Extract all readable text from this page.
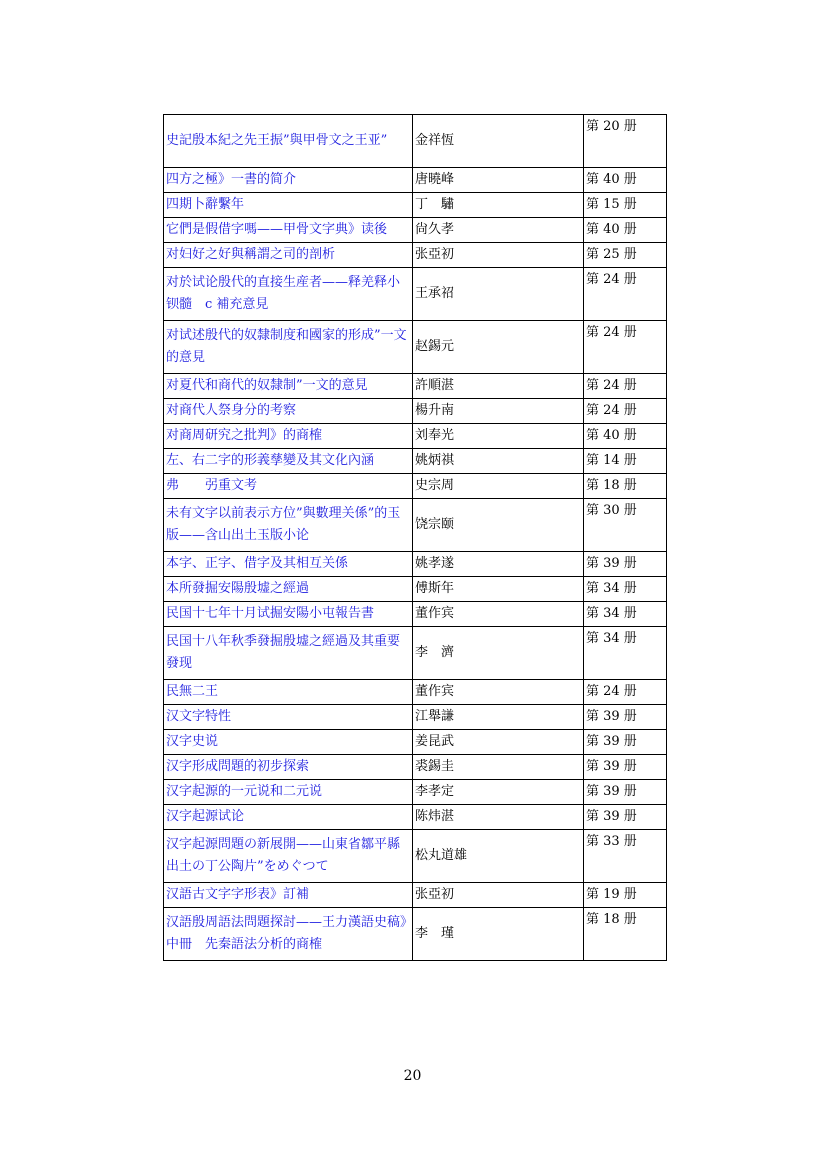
史記殷本紀之先王振”與甲骨文之王亚”	金祥恆	第 20 册
四方之極》一書的简介	唐曉峰	第 40 册
四期卜辭繫年	丁　驌	第 15 册
它們是假借字嗎——甲骨文字典》读後	尙久孝	第 40 册
对妇好之好與稱謂之司的剖析	张亞初	第 25 册
对於试论殷代的直接生産者——释羌释小钡髓　c 補充意見	王承祒	第 24 册
对试述殷代的奴隸制度和國家的形成”一文的意見	赵錫元	第 24 册
对夏代和商代的奴隸制”一文的意見	許順湛	第 24 册
对商代人祭身分的考察	楊升南	第 24 册
对商周研究之批判》的商榷	刘奉光	第 40 册
左、右二字的形義孳變及其文化內涵	姚炳祺	第 14 册
弗　　弜重文考	史宗周	第 18 册
未有文字以前表示方位”與數理关係”的玉版——含山出土玉版小论	饶宗颐	第 30 册
本字、正字、借字及其相互关係	姚孝遂	第 39 册
本所發掘安陽殷墟之經過	傅斯年	第 34 册
民国十七年十月试掘安陽小屯報告書	董作宾	第 34 册
民国十八年秋季發掘殷墟之經過及其重要發现	李　濟	第 34 册
民無二王	董作宾	第 24 册
汉文字特性	江舉謙	第 39 册
汉字史说	姜昆武	第 39 册
汉字形成問題的初步探索	裘錫圭	第 39 册
汉字起源的一元说和二元说	李孝定	第 39 册
汉字起源试论	陈炜湛	第 39 册
汉字起源問題の新展開——山東省鄒平縣出土の丁公陶片”をめぐつて	松丸道雄	第 33 册
汉語古文字字形表》訂補	张亞初	第 19 册
汉語殷周語法問題探討——王力漢語史稿》中冊　先秦語法分析的商榷	李　瑾	第 18 册
20
